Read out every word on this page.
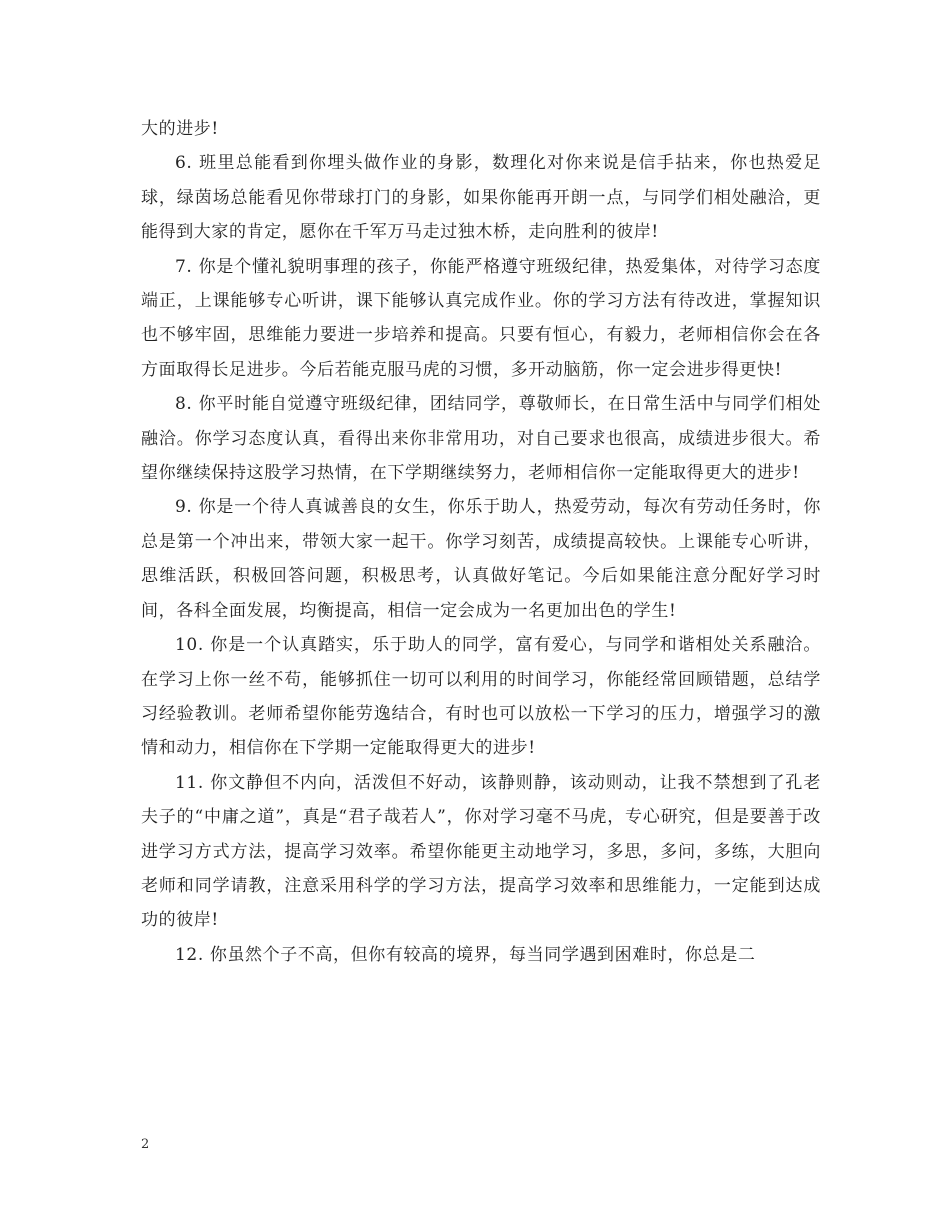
大的进步!

6. 班里总能看到你埋头做作业的身影，数理化对你来说是信手拈来，你也热爱足球，绿茵场总能看见你带球打门的身影，如果你能再开朗一点，与同学们相处融洽，更能得到大家的肯定，愿你在千军万马走过独木桥，走向胜利的彼岸!

7. 你是个懂礼貌明事理的孩子，你能严格遵守班级纪律，热爱集体，对待学习态度端正，上课能够专心听讲，课下能够认真完成作业。你的学习方法有待改进，掌握知识也不够牢固，思维能力要进一步培养和提高。只要有恒心，有毅力，老师相信你会在各方面取得长足进步。今后若能克服马虎的习惯，多开动脑筋，你一定会进步得更快!

8. 你平时能自觉遵守班级纪律，团结同学，尊敬师长，在日常生活中与同学们相处融洽。你学习态度认真，看得出来你非常用功，对自己要求也很高，成绩进步很大。希望你继续保持这股学习热情，在下学期继续努力，老师相信你一定能取得更大的进步!

9. 你是一个待人真诚善良的女生，你乐于助人，热爱劳动，每次有劳动任务时，你总是第一个冲出来，带领大家一起干。你学习刻苦，成绩提高较快。上课能专心听讲，思维活跃，积极回答问题，积极思考，认真做好笔记。今后如果能注意分配好学习时间，各科全面发展，均衡提高，相信一定会成为一名更加出色的学生!

10. 你是一个认真踏实，乐于助人的同学，富有爱心，与同学和谐相处关系融洽。在学习上你一丝不苟，能够抓住一切可以利用的时间学习，你能经常回顾错题，总结学习经验教训。老师希望你能劳逸结合，有时也可以放松一下学习的压力，增强学习的激情和动力，相信你在下学期一定能取得更大的进步!

11. 你文静但不内向，活泼但不好动，该静则静，该动则动，让我不禁想到了孔老夫子的“中庸之道”，真是“君子哉若人”，你对学习毫不马虎，专心研究，但是要善于改进学习方式方法，提高学习效率。希望你能更主动地学习，多思，多问，多练，大胆向老师和同学请教，注意采用科学的学习方法，提高学习效率和思维能力，一定能到达成功的彼岸!

12. 你虽然个子不高，但你有较高的境界，每当同学遇到困难时，你总是二

2
